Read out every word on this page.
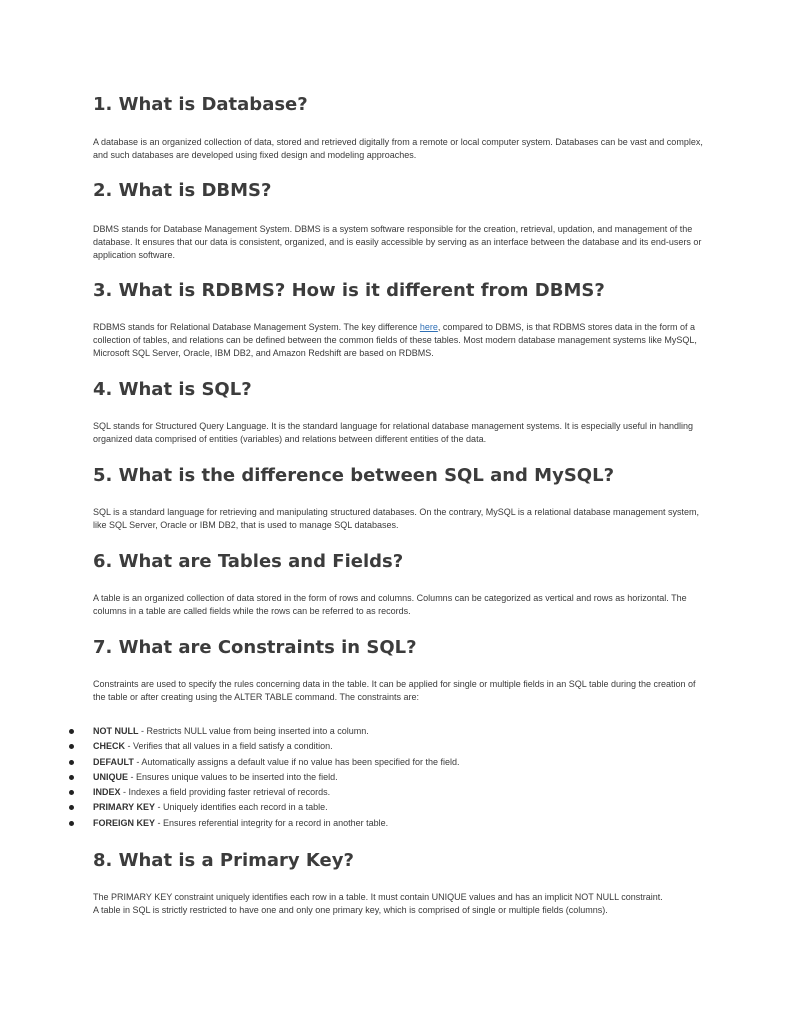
1. What is Database?

A database is an organized collection of data, stored and retrieved digitally from a remote or local computer system. Databases can be vast and complex, and such databases are developed using fixed design and modeling approaches.

2. What is DBMS?

DBMS stands for Database Management System. DBMS is a system software responsible for the creation, retrieval, updation, and management of the database. It ensures that our data is consistent, organized, and is easily accessible by serving as an interface between the database and its end-users or application software.

3. What is RDBMS? How is it different from DBMS?

RDBMS stands for Relational Database Management System. The key difference here, compared to DBMS, is that RDBMS stores data in the form of a collection of tables, and relations can be defined between the common fields of these tables. Most modern database management systems like MySQL, Microsoft SQL Server, Oracle, IBM DB2, and Amazon Redshift are based on RDBMS.

4. What is SQL?

SQL stands for Structured Query Language. It is the standard language for relational database management systems. It is especially useful in handling organized data comprised of entities (variables) and relations between different entities of the data.

5. What is the difference between SQL and MySQL?

SQL is a standard language for retrieving and manipulating structured databases. On the contrary, MySQL is a relational database management system, like SQL Server, Oracle or IBM DB2, that is used to manage SQL databases.

6. What are Tables and Fields?

A table is an organized collection of data stored in the form of rows and columns. Columns can be categorized as vertical and rows as horizontal. The columns in a table are called fields while the rows can be referred to as records.

7. What are Constraints in SQL?

Constraints are used to specify the rules concerning data in the table. It can be applied for single or multiple fields in an SQL table during the creation of the table or after creating using the ALTER TABLE command. The constraints are:

NOT NULL - Restricts NULL value from being inserted into a column.
CHECK - Verifies that all values in a field satisfy a condition.
DEFAULT - Automatically assigns a default value if no value has been specified for the field.
UNIQUE - Ensures unique values to be inserted into the field.
INDEX - Indexes a field providing faster retrieval of records.
PRIMARY KEY - Uniquely identifies each record in a table.
FOREIGN KEY - Ensures referential integrity for a record in another table.
8. What is a Primary Key?

The PRIMARY KEY constraint uniquely identifies each row in a table. It must contain UNIQUE values and has an implicit NOT NULL constraint.

A table in SQL is strictly restricted to have one and only one primary key, which is comprised of single or multiple fields (columns).
